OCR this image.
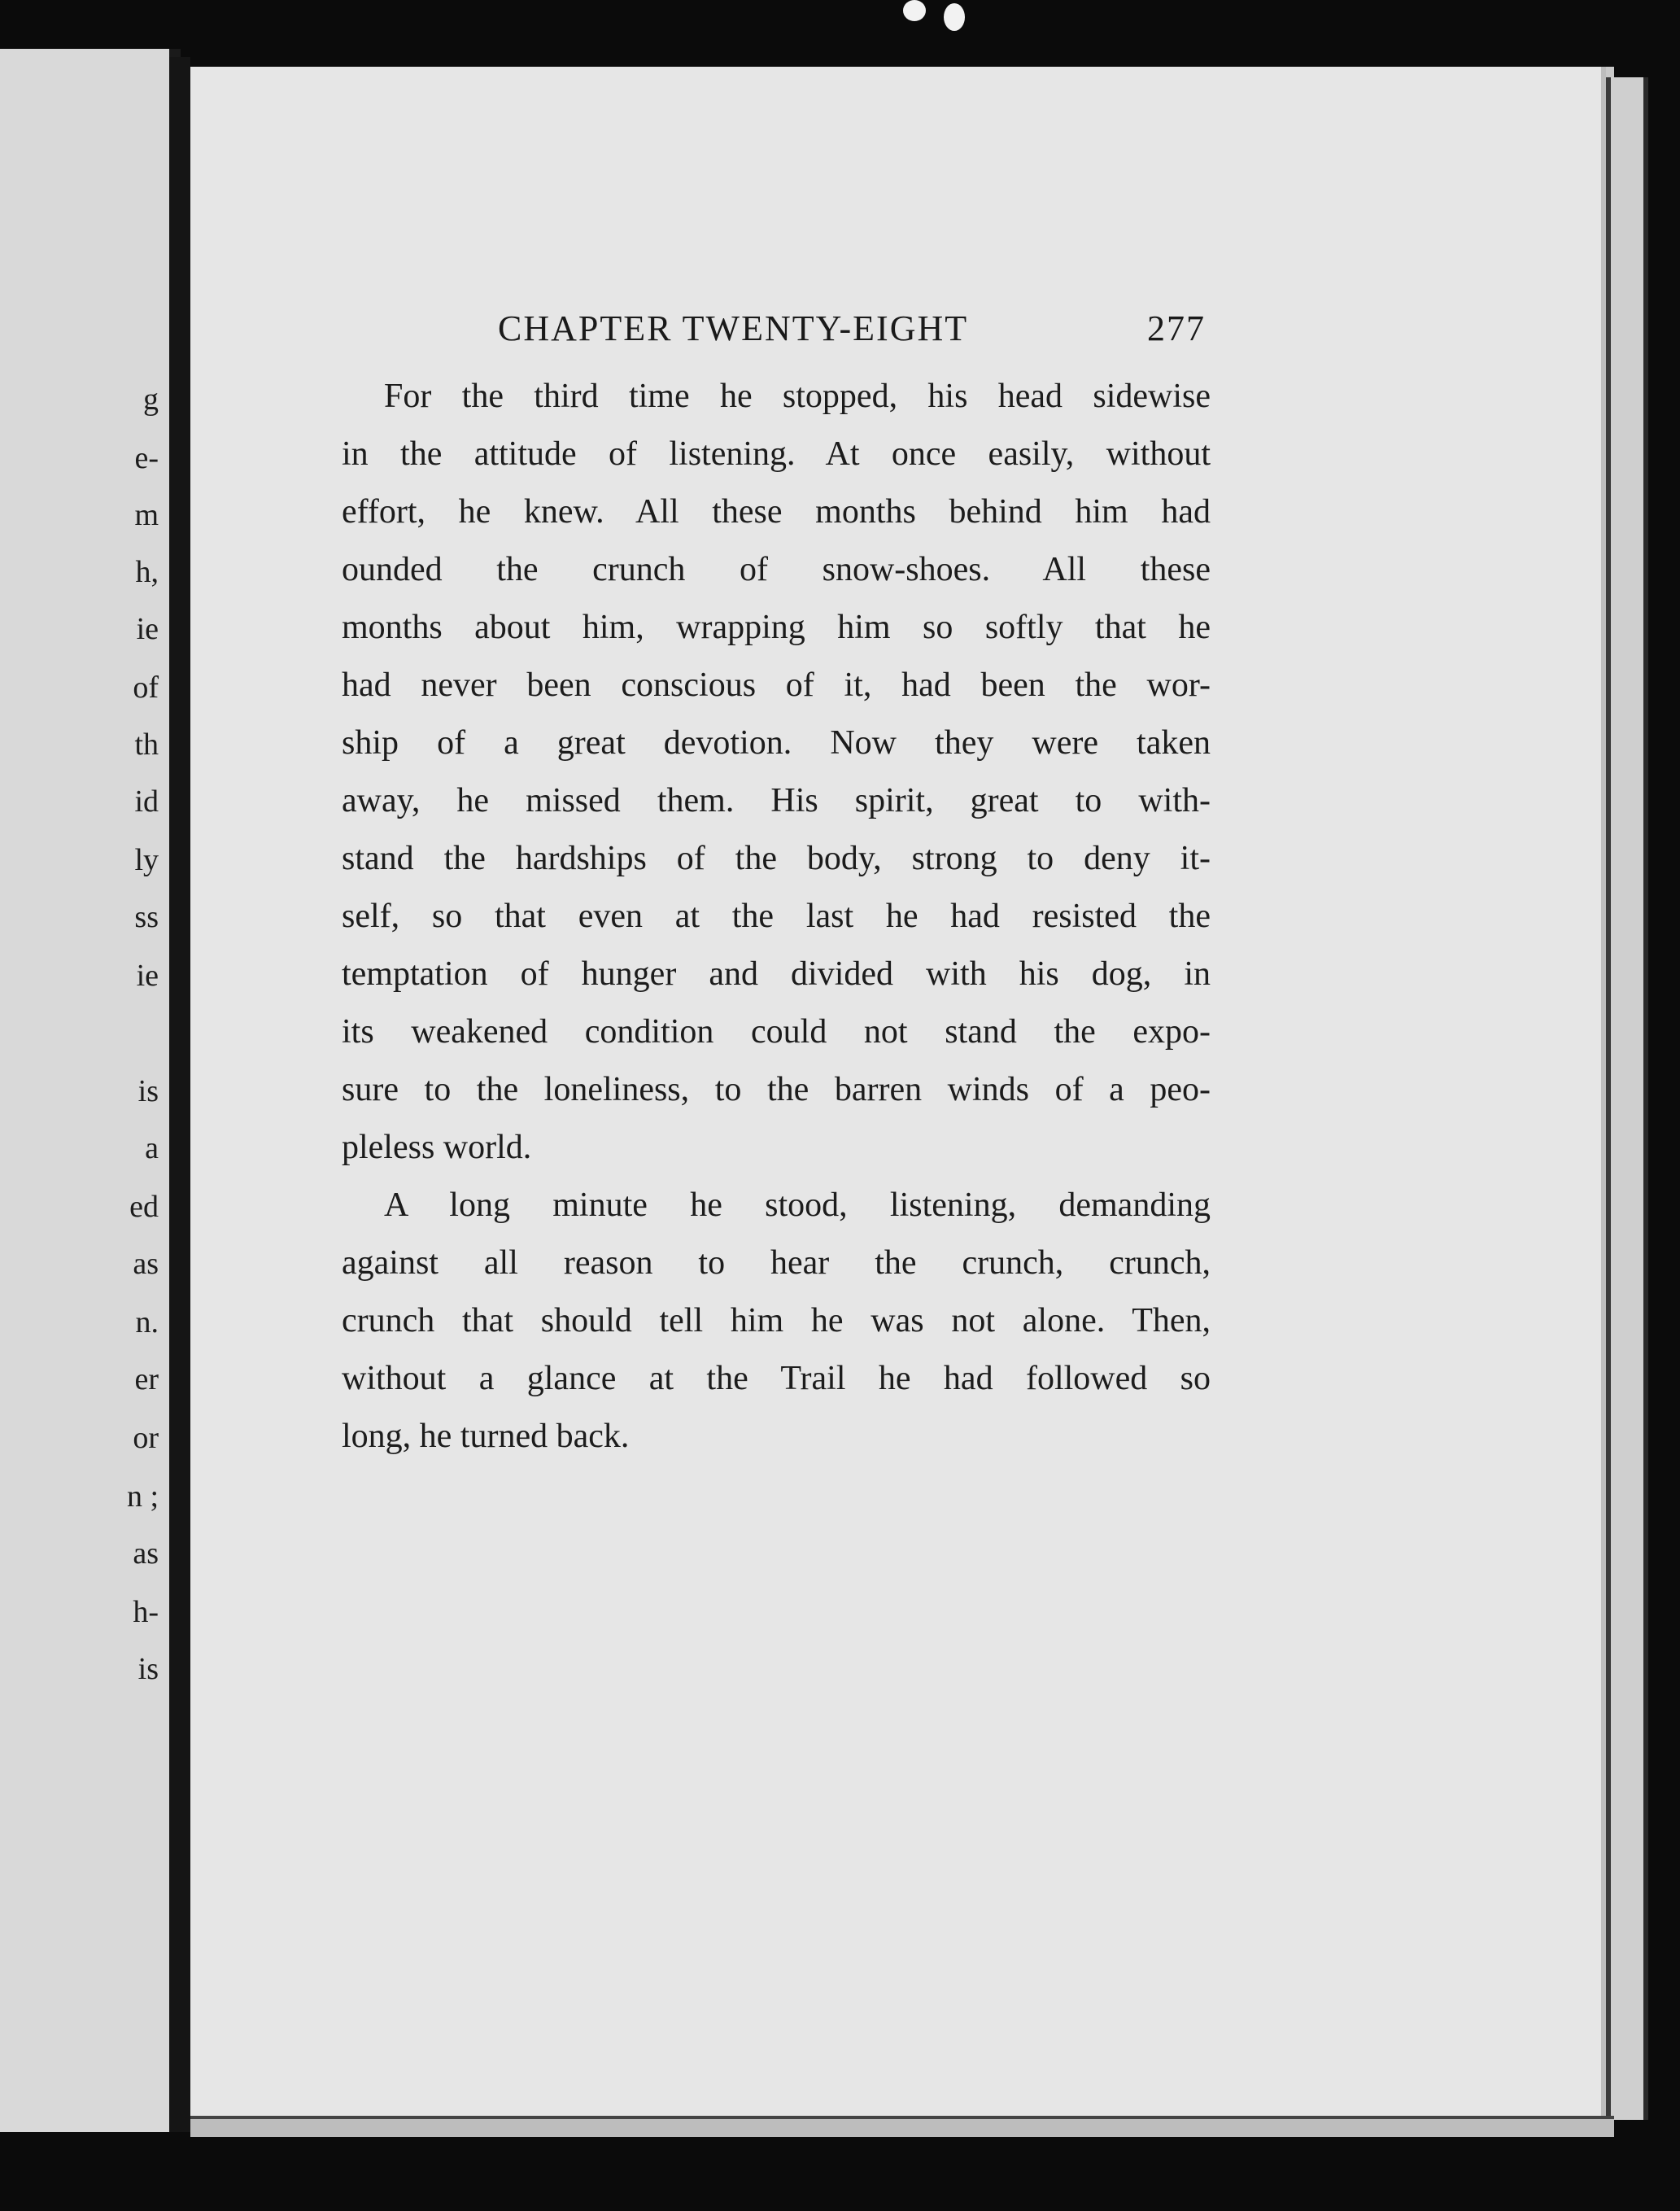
g
e-
m
h,
ie
of
th
id
ly
ss
ie
is
a
ed
as
n.
er
or
n ;
as
h-
is
CHAPTER TWENTY-EIGHT	277
For the third time he stopped, his head sidewise
in the attitude of listening. At once easily, without
effort, he knew. All these months behind him had
ounded the crunch of snow-shoes. All these
months about him, wrapping him so softly that he
had never been conscious of it, had been the wor-
ship of a great devotion. Now they were taken
away, he missed them. His spirit, great to with-
stand the hardships of the body, strong to deny it-
self, so that even at the last he had resisted the
temptation of hunger and divided with his dog, in
its weakened condition could not stand the expo-
sure to the loneliness, to the barren winds of a peo-
pleless world.
A long minute he stood, listening, demanding
against all reason to hear the crunch, crunch,
crunch that should tell him he was not alone. Then,
without a glance at the Trail he had followed so
long, he turned back.
